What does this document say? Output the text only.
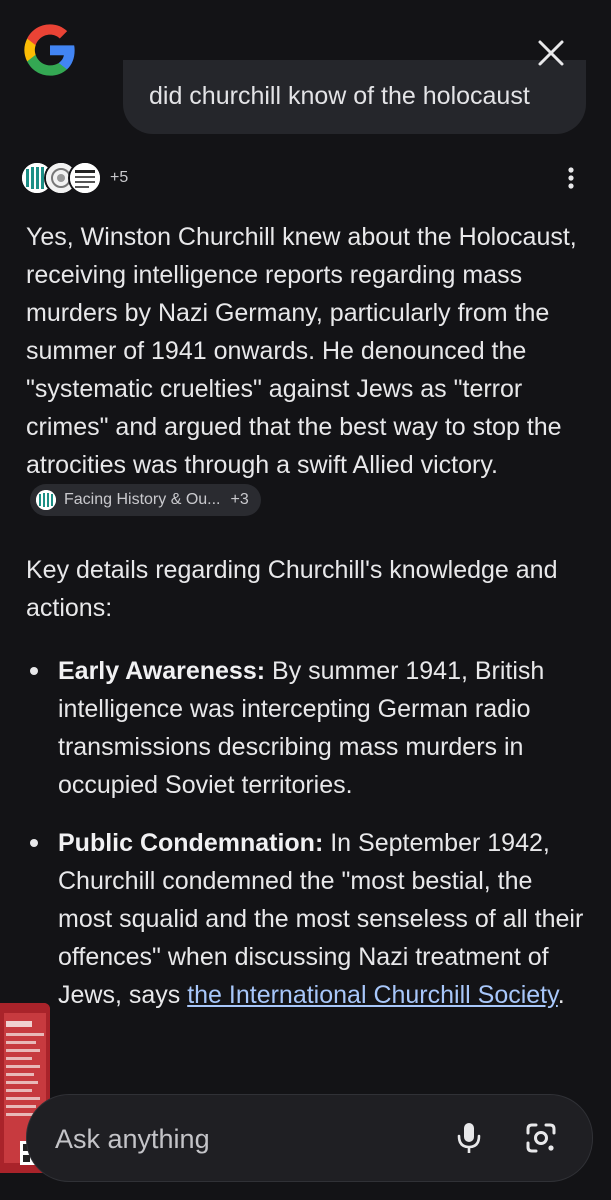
did churchill know of the holocaust
+5

Yes, Winston Churchill knew about the Holocaust, receiving intelligence reports regarding mass murders by Nazi Germany, particularly from the summer of 1941 onwards. He denounced the "systematic cruelties" against Jews as "terror crimes" and argued that the best way to stop the atrocities was through a swift Allied victory.
Facing History & Ou... +3

Key details regarding Churchill's knowledge and actions:
Early Awareness: By summer 1941, British intelligence was intercepting German radio transmissions describing mass murders in occupied Soviet territories.
Public Condemnation: In September 1942, Churchill condemned the "most bestial, the most squalid and the most senseless of all their offences" when discussing Nazi treatment of Jews, says the International Churchill Society.
Ask anything
